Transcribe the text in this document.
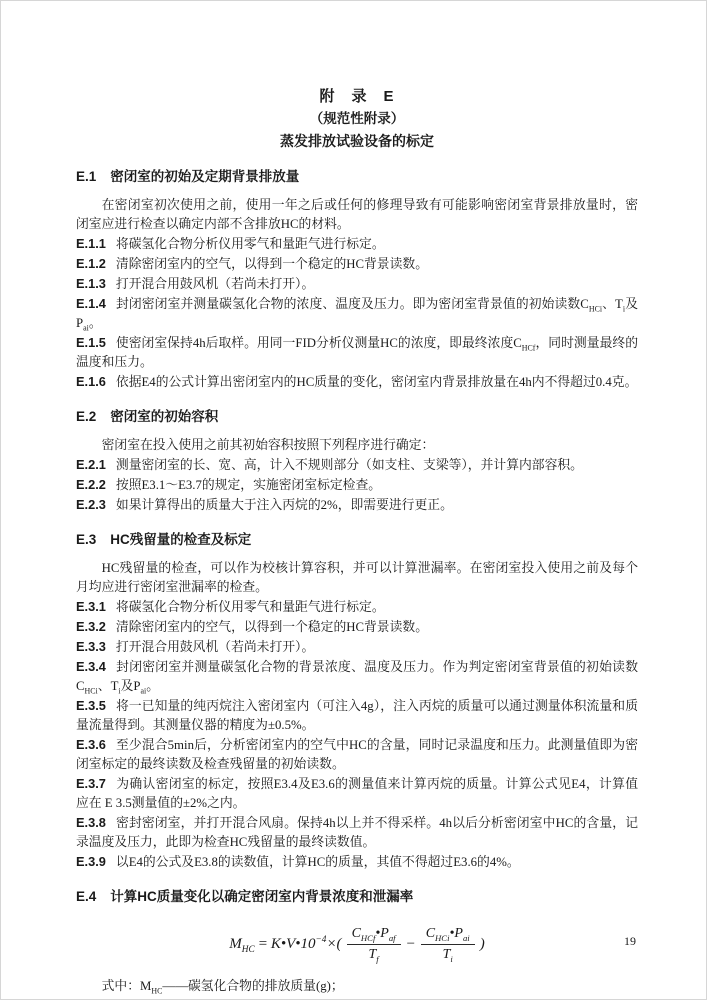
附　录　E
（规范性附录）
蒸发排放试验设备的标定
E.1 密闭室的初始及定期背景排放量

在密闭室初次使用之前，使用一年之后或任何的修理导致有可能影响密闭室背景排放量时，密闭室应进行检查以确定内部不含排放HC的材料。

E.1.1 将碳氢化合物分析仪用零气和量距气进行标定。

E.1.2 清除密闭室内的空气，以得到一个稳定的HC背景读数。

E.1.3 打开混合用鼓风机（若尚未打开）。

E.1.4 封闭密闭室并测量碳氢化合物的浓度、温度及压力。即为密闭室背景值的初始读数$C_{HCi}$、$T_i$及$P_{ai}$。

E.1.5 使密闭室保持4h后取样。用同一FID分析仪测量HC的浓度，即最终浓度$C_{HCf}$，同时测量最终的温度和压力。

E.1.6 依据E4的公式计算出密闭室内的HC质量的变化，密闭室内背景排放量在4h内不得超过0.4克。

E.2 密闭室的初始容积

密闭室在投入使用之前其初始容积按照下列程序进行确定：

E.2.1 测量密闭室的长、宽、高，计入不规则部分（如支柱、支梁等），并计算内部容积。

E.2.2 按照E3.1～E3.7的规定，实施密闭室标定检查。

E.2.3 如果计算得出的质量大于注入丙烷的2%，即需要进行更正。

E.3 HC残留量的检查及标定

HC残留量的检查，可以作为校核计算容积，并可以计算泄漏率。在密闭室投入使用之前及每个月均应进行密闭室泄漏率的检查。

E.3.1 将碳氢化合物分析仪用零气和量距气进行标定。

E.3.2 清除密闭室内的空气，以得到一个稳定的HC背景读数。

E.3.3 打开混合用鼓风机（若尚未打开）。

E.3.4 封闭密闭室并测量碳氢化合物的背景浓度、温度及压力。作为判定密闭室背景值的初始读数$C_{HCi}$、$T_i$及$P_{ai}$。

E.3.5 将一已知量的纯丙烷注入密闭室内（可注入4g），注入丙烷的质量可以通过测量体积流量和质量流量得到。其测量仪器的精度为±0.5%。

E.3.6 至少混合5min后，分析密闭室内的空气中HC的含量，同时记录温度和压力。此测量值即为密闭室标定的最终读数及检查残留量的初始读数。

E.3.7 为确认密闭室的标定，按照E3.4及E3.6的测量值来计算丙烷的质量。计算公式见E4，计算值应在 E 3.5测量值的±2%之内。

E.3.8 密封密闭室，并打开混合风扇。保持4h以上并不得采样。4h以后分析密闭室中HC的含量，记录温度及压力，此即为检查HC残留量的最终读数值。

E.3.9 以E4的公式及E3.8的读数值，计算HC的质量，其值不得超过E3.6的4%。

E.4 计算HC质量变化以确定密闭室内背景浓度和泄漏率
$M_{HC}$ = $K•V•10^{-4}\times( \frac{C_{HCf}•P_{af}}{T_f} - \frac{C_{HCi}•P_{ai}}{T_i}$ )

式中：$M_{HC}——$碳氢化合物的排放质量(g)；

19
